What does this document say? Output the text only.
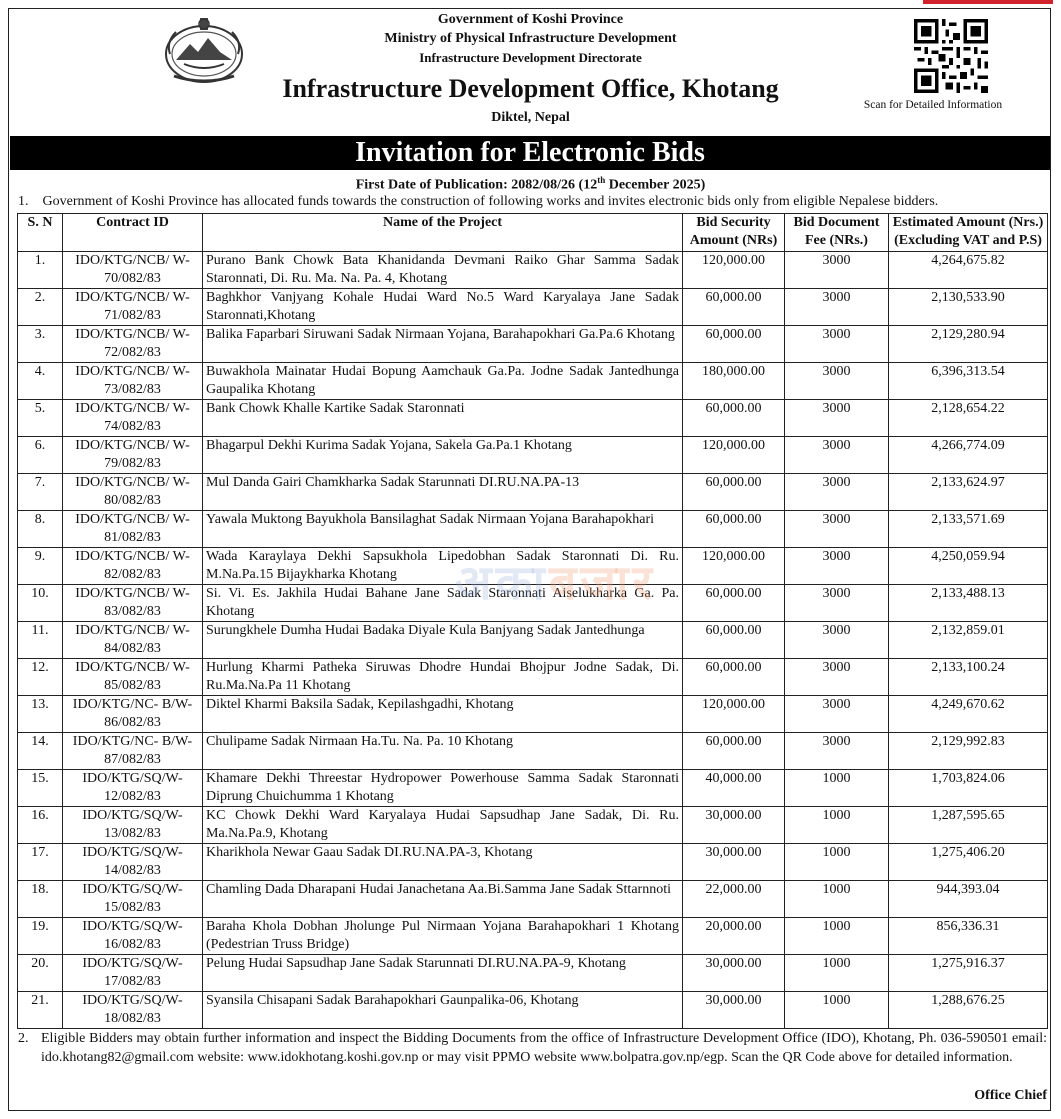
Government of Koshi Province
Ministry of Physical Infrastructure Development
Infrastructure Development Directorate
Infrastructure Development Office, Khotang
Diktel, Nepal
Scan for Detailed Information
Invitation for Electronic Bids
First Date of Publication: 2082/08/26 (12th December 2025)
1. Government of Koshi Province has allocated funds towards the construction of following works and invites electronic bids only from eligible Nepalese bidders.
S. N	Contract ID	Name of the Project	Bid Security Amount (NRs)	Bid Document Fee (NRs.)	Estimated Amount (Nrs.) (Excluding VAT and P.S)
1.	IDO/KTG/NCB/ W-70/082/83	Purano Bank Chowk Bata Khanidanda Devmani Raiko Ghar Samma Sadak Staronnati, Di. Ru. Ma. Na. Pa. 4, Khotang	120,000.00	3000	4,264,675.82
2.	IDO/KTG/NCB/ W-71/082/83	Baghkhor Vanjyang Kohale Hudai Ward No.5 Ward Karyalaya Jane Sadak Staronnati,Khotang	60,000.00	3000	2,130,533.90
3.	IDO/KTG/NCB/ W-72/082/83	Balika Faparbari Siruwani Sadak Nirmaan Yojana, Barahapokhari Ga.Pa.6 Khotang	60,000.00	3000	2,129,280.94
4.	IDO/KTG/NCB/ W-73/082/83	Buwakhola Mainatar Hudai Bopung Aamchauk Ga.Pa. Jodne Sadak Jantedhunga Gaupalika Khotang	180,000.00	3000	6,396,313.54
5.	IDO/KTG/NCB/ W-74/082/83	Bank Chowk Khalle Kartike Sadak Staronnati	60,000.00	3000	2,128,654.22
6.	IDO/KTG/NCB/ W-79/082/83	Bhagarpul Dekhi Kurima Sadak Yojana, Sakela Ga.Pa.1 Khotang	120,000.00	3000	4,266,774.09
7.	IDO/KTG/NCB/ W-80/082/83	Mul Danda Gairi Chamkharka Sadak Starunnati DI.RU.NA.PA-13	60,000.00	3000	2,133,624.97
8.	IDO/KTG/NCB/ W-81/082/83	Yawala Muktong Bayukhola Bansilaghat Sadak Nirmaan Yojana Barahapokhari	60,000.00	3000	2,133,571.69
9.	IDO/KTG/NCB/ W-82/082/83	Wada Karaylaya Dekhi Sapsukhola Lipedobhan Sadak Staronnati Di. Ru. M.Na.Pa.15 Bijaykharka Khotang	120,000.00	3000	4,250,059.94
10.	IDO/KTG/NCB/ W-83/082/83	Si. Vi. Es. Jakhila Hudai Bahane Jane Sadak Staronnati Aiselukharka Ga. Pa. Khotang	60,000.00	3000	2,133,488.13
11.	IDO/KTG/NCB/ W-84/082/83	Surungkhele Dumha Hudai Badaka Diyale Kula Banjyang Sadak Jantedhunga	60,000.00	3000	2,132,859.01
12.	IDO/KTG/NCB/ W-85/082/83	Hurlung Kharmi Patheka Siruwas Dhodre Hundai Bhojpur Jodne Sadak, Di. Ru.Ma.Na.Pa 11 Khotang	60,000.00	3000	2,133,100.24
13.	IDO/KTG/NC- B/W-86/082/83	Diktel Kharmi Baksila Sadak, Kepilashgadhi, Khotang	120,000.00	3000	4,249,670.62
14.	IDO/KTG/NC- B/W-87/082/83	Chulipame Sadak Nirmaan Ha.Tu. Na. Pa. 10 Khotang	60,000.00	3000	2,129,992.83
15.	IDO/KTG/SQ/W- 12/082/83	Khamare Dekhi Threestar Hydropower Powerhouse Samma Sadak Staronnati Diprung Chuichumma 1 Khotang	40,000.00	1000	1,703,824.06
16.	IDO/KTG/SQ/W- 13/082/83	KC Chowk Dekhi Ward Karyalaya Hudai Sapsudhap Jane Sadak, Di. Ru. Ma.Na.Pa.9, Khotang	30,000.00	1000	1,287,595.65
17.	IDO/KTG/SQ/W- 14/082/83	Kharikhola Newar Gaau Sadak DI.RU.NA.PA-3, Khotang	30,000.00	1000	1,275,406.20
18.	IDO/KTG/SQ/W- 15/082/83	Chamling Dada Dharapani Hudai Janachetana Aa.Bi.Samma Jane Sadak Sttarnnoti	22,000.00	1000	944,393.04
19.	IDO/KTG/SQ/W- 16/082/83	Baraha Khola Dobhan Jholunge Pul Nirmaan Yojana Barahapokhari 1 Khotang (Pedestrian Truss Bridge)	20,000.00	1000	856,336.31
20.	IDO/KTG/SQ/W- 17/082/83	Pelung Hudai Sapsudhap Jane Sadak Starunnati DI.RU.NA.PA-9, Khotang	30,000.00	1000	1,275,916.37
21.	IDO/KTG/SQ/W- 18/082/83	Syansila Chisapani Sadak Barahapokhari Gaunpalika-06, Khotang	30,000.00	1000	1,288,676.25
अकाबजार
2. Eligible Bidders may obtain further information and inspect the Bidding Documents from the office of Infrastructure Development Office (IDO), Khotang, Ph. 036-590501 email: ido.khotang82@gmail.com website: www.idokhotang.koshi.gov.np or may visit PPMO website www.bolpatra.gov.np/egp. Scan the QR Code above for detailed information.
Office Chief
